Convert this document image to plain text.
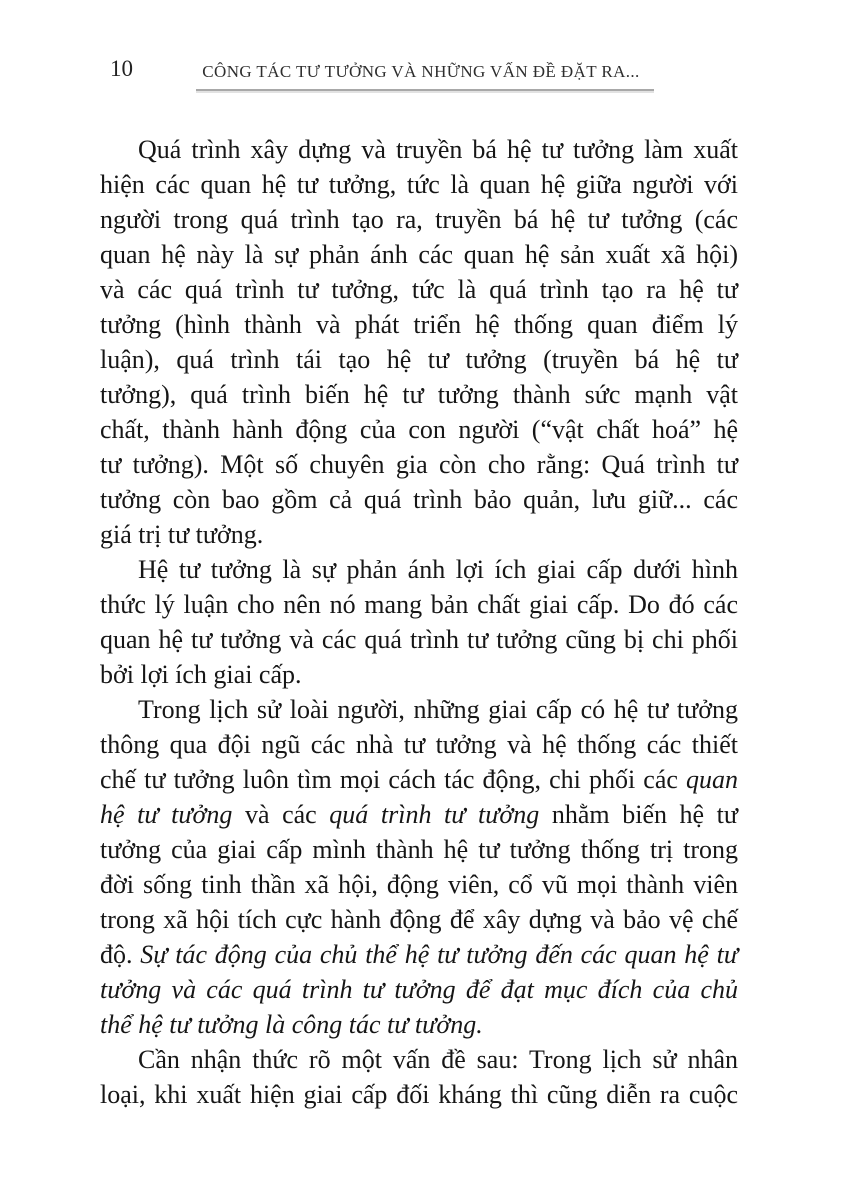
10	CÔNG TÁC TƯ TƯỞNG VÀ NHỮNG VẤN ĐỀ ĐẶT RA...
Quá trình xây dựng và truyền bá hệ tư tưởng làm xuất
hiện các quan hệ tư tưởng, tức là quan hệ giữa người với
người trong quá trình tạo ra, truyền bá hệ tư tưởng (các
quan hệ này là sự phản ánh các quan hệ sản xuất xã hội)
và các quá trình tư tưởng, tức là quá trình tạo ra hệ tư
tưởng (hình thành và phát triển hệ thống quan điểm lý
luận), quá trình tái tạo hệ tư tưởng (truyền bá hệ tư
tưởng), quá trình biến hệ tư tưởng thành sức mạnh vật
chất, thành hành động của con người (“vật chất hoá” hệ
tư tưởng). Một số chuyên gia còn cho rằng: Quá trình tư
tưởng còn bao gồm cả quá trình bảo quản, lưu giữ... các
giá trị tư tưởng.
Hệ tư tưởng là sự phản ánh lợi ích giai cấp dưới hình
thức lý luận cho nên nó mang bản chất giai cấp. Do đó các
quan hệ tư tưởng và các quá trình tư tưởng cũng bị chi phối
bởi lợi ích giai cấp.
Trong lịch sử loài người, những giai cấp có hệ tư tưởng
thông qua đội ngũ các nhà tư tưởng và hệ thống các thiết
chế tư tưởng luôn tìm mọi cách tác động, chi phối các quan
hệ tư tưởng và các quá trình tư tưởng nhằm biến hệ tư
tưởng của giai cấp mình thành hệ tư tưởng thống trị trong
đời sống tinh thần xã hội, động viên, cổ vũ mọi thành viên
trong xã hội tích cực hành động để xây dựng và bảo vệ chế
độ. Sự tác động của chủ thể hệ tư tưởng đến các quan hệ tư
tưởng và các quá trình tư tưởng để đạt mục đích của chủ
thể hệ tư tưởng là công tác tư tưởng.
Cần nhận thức rõ một vấn đề sau: Trong lịch sử nhân
loại, khi xuất hiện giai cấp đối kháng thì cũng diễn ra cuộc
